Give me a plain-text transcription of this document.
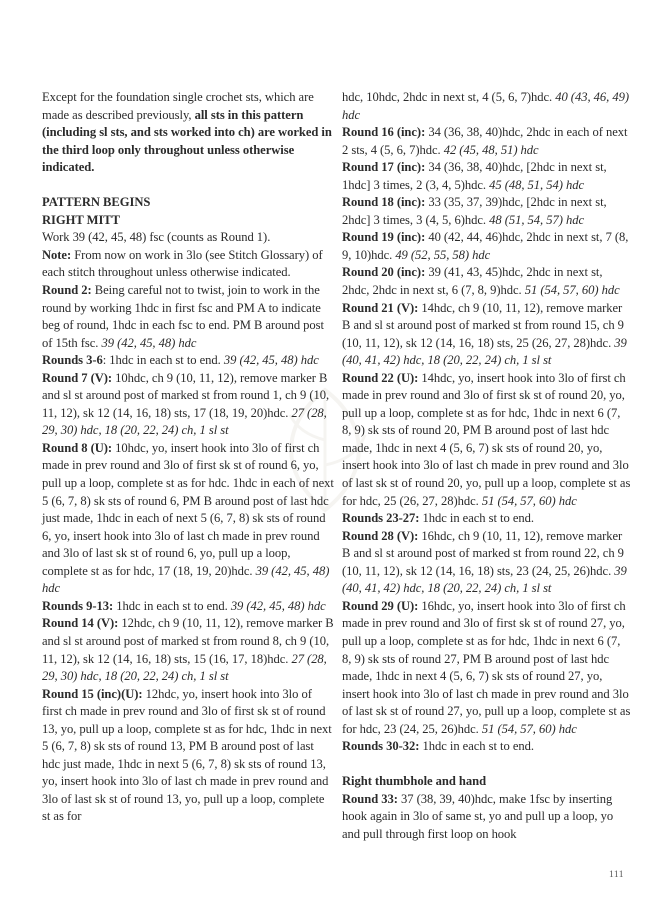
Except for the foundation single crochet sts, which are made as described previously, all sts in this pattern (including sl sts, and sts worked into ch) are worked in the third loop only throughout unless otherwise indicated.

PATTERN BEGINS

RIGHT MITT

Work 39 (42, 45, 48) fsc (counts as Round 1).

Note: From now on work in 3lo (see Stitch Glossary) of each stitch throughout unless otherwise indicated.

Round 2: Being careful not to twist, join to work in the round by working 1hdc in first fsc and PM A to indicate beg of round, 1hdc in each fsc to end. PM B around post of 15th fsc. 39 (42, 45, 48) hdc

Rounds 3-6: 1hdc in each st to end. 39 (42, 45, 48) hdc

Round 7 (V): 10hdc, ch 9 (10, 11, 12), remove marker B and sl st around post of marked st from round 1, ch 9 (10, 11, 12), sk 12 (14, 16, 18) sts, 17 (18, 19, 20)hdc. 27 (28, 29, 30) hdc, 18 (20, 22, 24) ch, 1 sl st

Round 8 (U): 10hdc, yo, insert hook into 3lo of first ch made in prev round and 3lo of first sk st of round 6, yo, pull up a loop, complete st as for hdc. 1hdc in each of next 5 (6, 7, 8) sk sts of round 6, PM B around post of last hdc just made, 1hdc in each of next 5 (6, 7, 8) sk sts of round 6, yo, insert hook into 3lo of last ch made in prev round and 3lo of last sk st of round 6, yo, pull up a loop, complete st as for hdc, 17 (18, 19, 20)hdc. 39 (42, 45, 48) hdc

Rounds 9-13: 1hdc in each st to end. 39 (42, 45, 48) hdc

Round 14 (V): 12hdc, ch 9 (10, 11, 12), remove marker B and sl st around post of marked st from round 8, ch 9 (10, 11, 12), sk 12 (14, 16, 18) sts, 15 (16, 17, 18)hdc. 27 (28, 29, 30) hdc, 18 (20, 22, 24) ch, 1 sl st

Round 15 (inc)(U): 12hdc, yo, insert hook into 3lo of first ch made in prev round and 3lo of first sk st of round 13, yo, pull up a loop, complete st as for hdc, 1hdc in next 5 (6, 7, 8) sk sts of round 13, PM B around post of last hdc just made, 1hdc in next 5 (6, 7, 8) sk sts of round 13, yo, insert hook into 3lo of last ch made in prev round and 3lo of last sk st of round 13, yo, pull up a loop, complete st as for

hdc, 10hdc, 2hdc in next st, 4 (5, 6, 7)hdc. 40 (43, 46, 49) hdc

Round 16 (inc): 34 (36, 38, 40)hdc, 2hdc in each of next 2 sts, 4 (5, 6, 7)hdc. 42 (45, 48, 51) hdc

Round 17 (inc): 34 (36, 38, 40)hdc, [2hdc in next st, 1hdc] 3 times, 2 (3, 4, 5)hdc. 45 (48, 51, 54) hdc

Round 18 (inc): 33 (35, 37, 39)hdc, [2hdc in next st, 2hdc] 3 times, 3 (4, 5, 6)hdc. 48 (51, 54, 57) hdc

Round 19 (inc): 40 (42, 44, 46)hdc, 2hdc in next st, 7 (8, 9, 10)hdc. 49 (52, 55, 58) hdc

Round 20 (inc): 39 (41, 43, 45)hdc, 2hdc in next st, 2hdc, 2hdc in next st, 6 (7, 8, 9)hdc. 51 (54, 57, 60) hdc

Round 21 (V): 14hdc, ch 9 (10, 11, 12), remove marker B and sl st around post of marked st from round 15, ch 9 (10, 11, 12), sk 12 (14, 16, 18) sts, 25 (26, 27, 28)hdc. 39 (40, 41, 42) hdc, 18 (20, 22, 24) ch, 1 sl st

Round 22 (U): 14hdc, yo, insert hook into 3lo of first ch made in prev round and 3lo of first sk st of round 20, yo, pull up a loop, complete st as for hdc, 1hdc in next 6 (7, 8, 9) sk sts of round 20, PM B around post of last hdc made, 1hdc in next 4 (5, 6, 7) sk sts of round 20, yo, insert hook into 3lo of last ch made in prev round and 3lo of last sk st of round 20, yo, pull up a loop, complete st as for hdc, 25 (26, 27, 28)hdc. 51 (54, 57, 60) hdc

Rounds 23-27: 1hdc in each st to end.

Round 28 (V): 16hdc, ch 9 (10, 11, 12), remove marker B and sl st around post of marked st from round 22, ch 9 (10, 11, 12), sk 12 (14, 16, 18) sts, 23 (24, 25, 26)hdc. 39 (40, 41, 42) hdc, 18 (20, 22, 24) ch, 1 sl st

Round 29 (U): 16hdc, yo, insert hook into 3lo of first ch made in prev round and 3lo of first sk st of round 27, yo, pull up a loop, complete st as for hdc, 1hdc in next 6 (7, 8, 9) sk sts of round 27, PM B around post of last hdc made, 1hdc in next 4 (5, 6, 7) sk sts of round 27, yo, insert hook into 3lo of last ch made in prev round and 3lo of last sk st of round 27, yo, pull up a loop, complete st as for hdc, 23 (24, 25, 26)hdc. 51 (54, 57, 60) hdc

Rounds 30-32: 1hdc in each st to end.

Right thumbhole and hand

Round 33: 37 (38, 39, 40)hdc, make 1fsc by inserting hook again in 3lo of same st, yo and pull up a loop, yo and pull through first loop on hook

111
